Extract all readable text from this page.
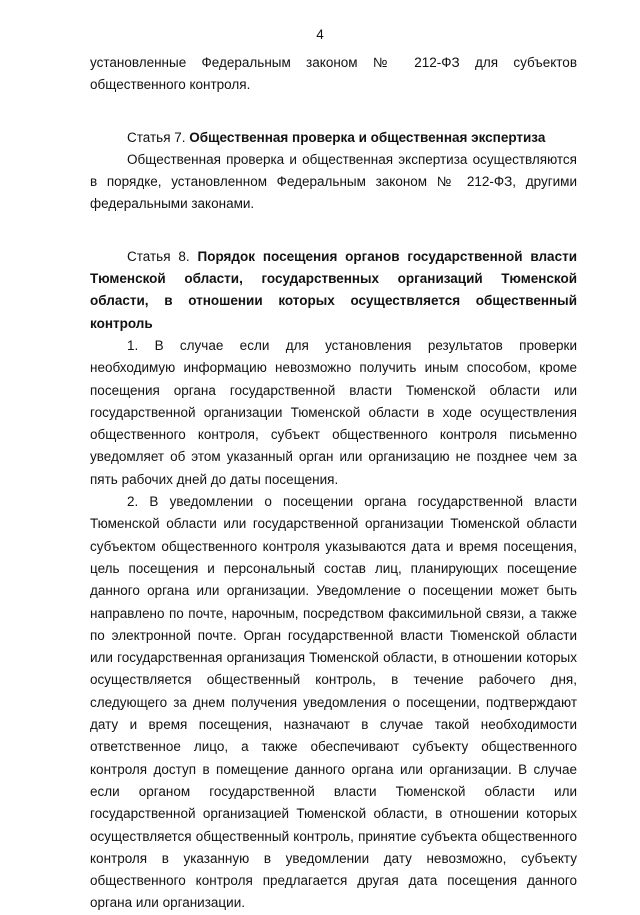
4

установленные Федеральным законом № 212-ФЗ для субъектов общественного контроля.

Статья 7. Общественная проверка и общественная экспертиза

Общественная проверка и общественная экспертиза осуществляются в порядке, установленном Федеральным законом № 212-ФЗ, другими федеральными законами.

Статья 8. Порядок посещения органов государственной власти Тюменской области, государственных организаций Тюменской области, в отношении которых осуществляется общественный контроль

1. В случае если для установления результатов проверки необходимую информацию невозможно получить иным способом, кроме посещения органа государственной власти Тюменской области или государственной организации Тюменской области в ходе осуществления общественного контроля, субъект общественного контроля письменно уведомляет об этом указанный орган или организацию не позднее чем за пять рабочих дней до даты посещения.

2. В уведомлении о посещении органа государственной власти Тюменской области или государственной организации Тюменской области субъектом общественного контроля указываются дата и время посещения, цель посещения и персональный состав лиц, планирующих посещение данного органа или организации. Уведомление о посещении может быть направлено по почте, нарочным, посредством факсимильной связи, а также по электронной почте. Орган государственной власти Тюменской области или государственная организация Тюменской области, в отношении которых осуществляется общественный контроль, в течение рабочего дня, следующего за днем получения уведомления о посещении, подтверждают дату и время посещения, назначают в случае такой необходимости ответственное лицо, а также обеспечивают субъекту общественного контроля доступ в помещение данного органа или организации. В случае если органом государственной власти Тюменской области или государственной организацией Тюменской области, в отношении которых осуществляется общественный контроль, принятие субъекта общественного контроля в указанную в уведомлении дату невозможно, субъекту общественного контроля предлагается другая дата посещения данного органа или организации.
